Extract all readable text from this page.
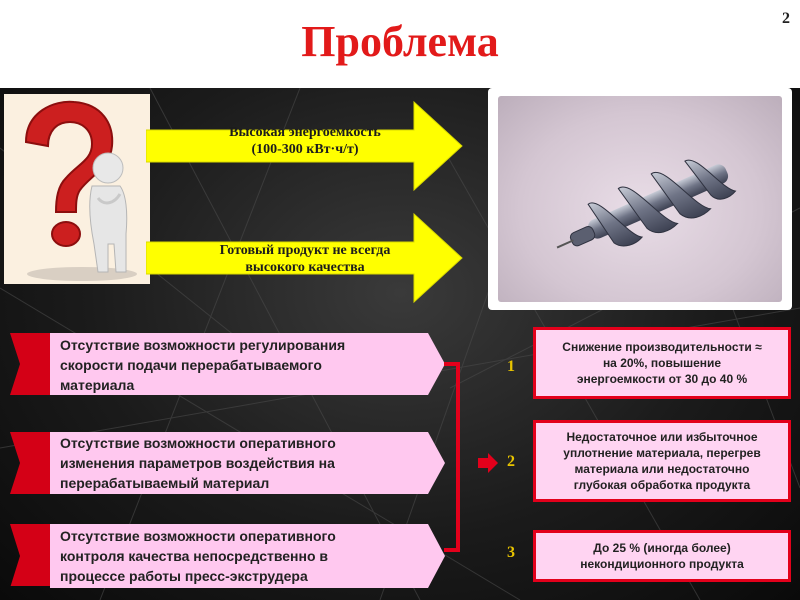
Проблема	2
Высокая энергоемкость
(100-300 кВт·ч/т)
Готовый продукт не всегда
высокого качества
Отсутствие возможности регулирования
скорости подачи перерабатываемого
материала
Отсутствие возможности оперативного
изменения параметров воздействия на
перерабатываемый материал
Отсутствие возможности оперативного
контроля качества непосредственно в
процессе работы пресс-экструдера
1
2
3
Снижение производительности ≈
на 20%, повышение
энергоемкости от 30 до 40 %
Недостаточное или избыточное
уплотнение материала, перегрев
материала или недостаточно
глубокая обработка продукта
До 25 % (иногда более)
некондиционного продукта
